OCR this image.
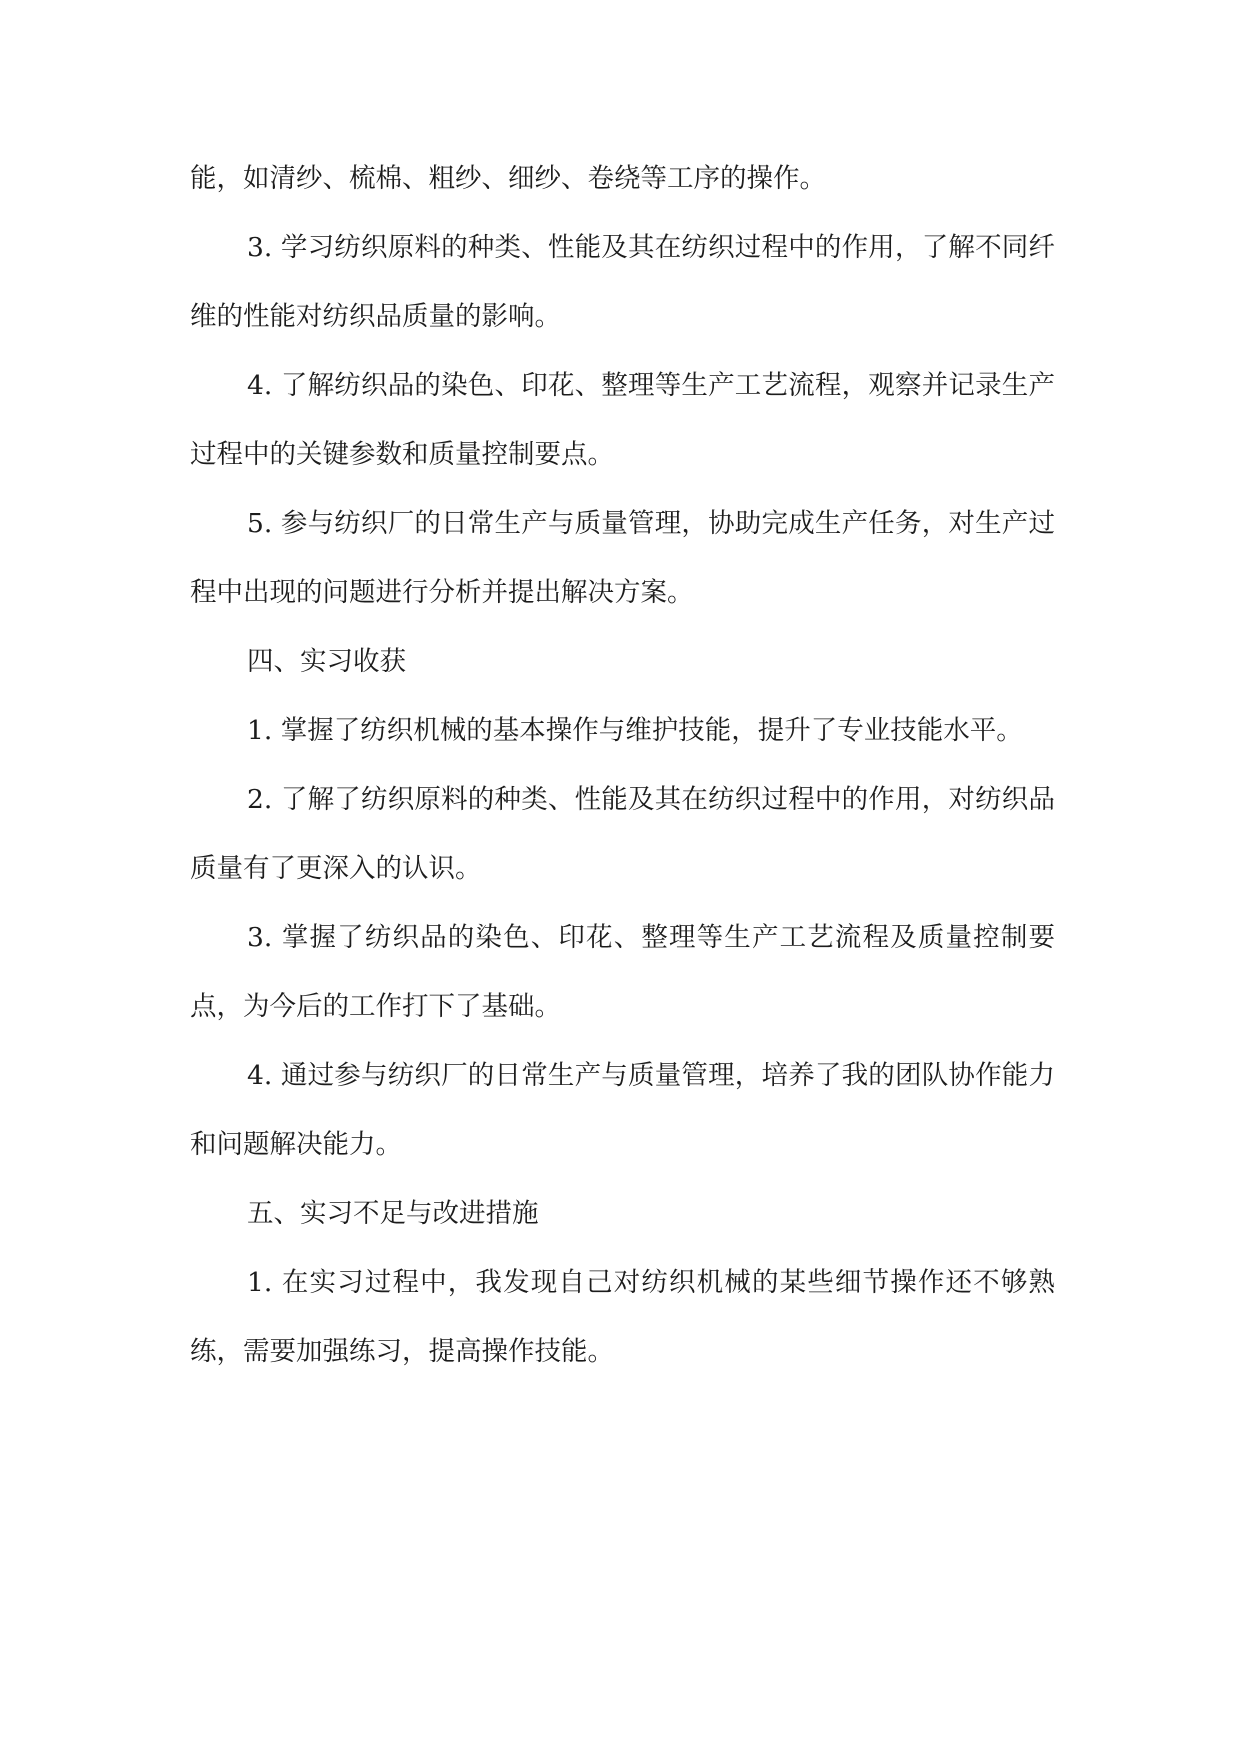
能，如清纱、梳棉、粗纱、细纱、卷绕等工序的操作。

3. 学习纺织原料的种类、性能及其在纺织过程中的作用，了解不同纤维的性能对纺织品质量的影响。

4. 了解纺织品的染色、印花、整理等生产工艺流程，观察并记录生产过程中的关键参数和质量控制要点。

5. 参与纺织厂的日常生产与质量管理，协助完成生产任务，对生产过程中出现的问题进行分析并提出解决方案。

四、实习收获

1. 掌握了纺织机械的基本操作与维护技能，提升了专业技能水平。

2. 了解了纺织原料的种类、性能及其在纺织过程中的作用，对纺织品质量有了更深入的认识。

3. 掌握了纺织品的染色、印花、整理等生产工艺流程及质量控制要点，为今后的工作打下了基础。

4. 通过参与纺织厂的日常生产与质量管理，培养了我的团队协作能力和问题解决能力。

五、实习不足与改进措施

1. 在实习过程中，我发现自己对纺织机械的某些细节操作还不够熟练，需要加强练习，提高操作技能。
